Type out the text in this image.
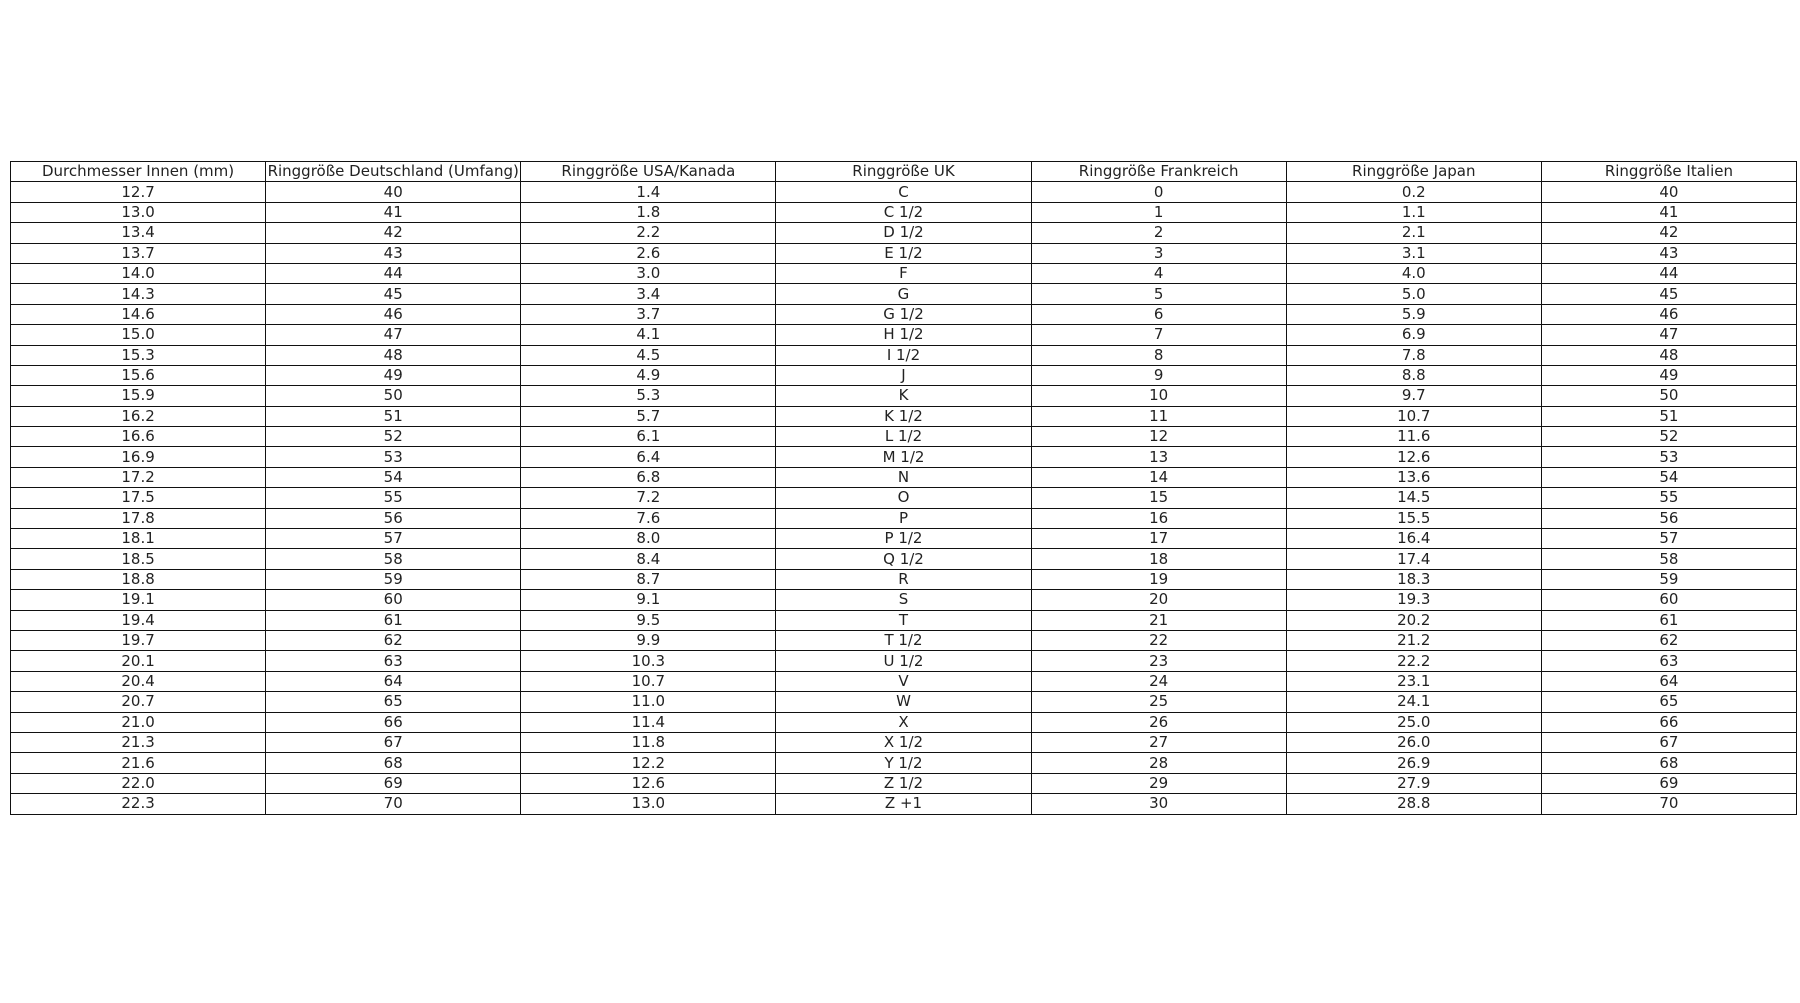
Durchmesser Innen (mm)	Ringgröße Deutschland (Umfang)	Ringgröße USA/Kanada	Ringgröße UK	Ringgröße Frankreich	Ringgröße Japan	Ringgröße Italien
12.7	40	1.4	C	0	0.2	40
13.0	41	1.8	C 1/2	1	1.1	41
13.4	42	2.2	D 1/2	2	2.1	42
13.7	43	2.6	E 1/2	3	3.1	43
14.0	44	3.0	F	4	4.0	44
14.3	45	3.4	G	5	5.0	45
14.6	46	3.7	G 1/2	6	5.9	46
15.0	47	4.1	H 1/2	7	6.9	47
15.3	48	4.5	I 1/2	8	7.8	48
15.6	49	4.9	J	9	8.8	49
15.9	50	5.3	K	10	9.7	50
16.2	51	5.7	K 1/2	11	10.7	51
16.6	52	6.1	L 1/2	12	11.6	52
16.9	53	6.4	M 1/2	13	12.6	53
17.2	54	6.8	N	14	13.6	54
17.5	55	7.2	O	15	14.5	55
17.8	56	7.6	P	16	15.5	56
18.1	57	8.0	P 1/2	17	16.4	57
18.5	58	8.4	Q 1/2	18	17.4	58
18.8	59	8.7	R	19	18.3	59
19.1	60	9.1	S	20	19.3	60
19.4	61	9.5	T	21	20.2	61
19.7	62	9.9	T 1/2	22	21.2	62
20.1	63	10.3	U 1/2	23	22.2	63
20.4	64	10.7	V	24	23.1	64
20.7	65	11.0	W	25	24.1	65
21.0	66	11.4	X	26	25.0	66
21.3	67	11.8	X 1/2	27	26.0	67
21.6	68	12.2	Y 1/2	28	26.9	68
22.0	69	12.6	Z 1/2	29	27.9	69
22.3	70	13.0	Z +1	30	28.8	70
